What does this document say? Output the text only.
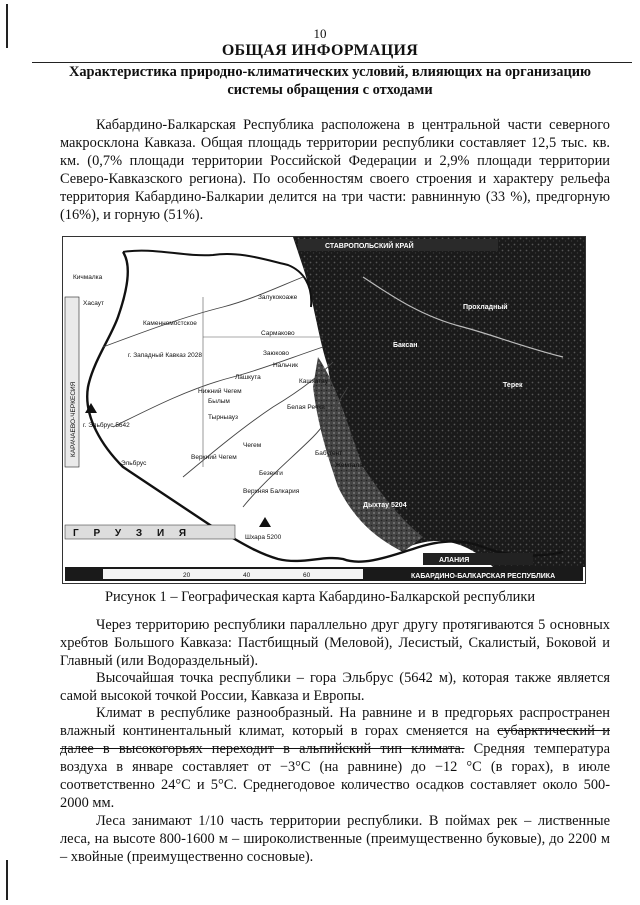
10
ОБЩАЯ ИНФОРМАЦИЯ
Характеристика природно-климатических условий, влияющих на организацию системы обращения с отходами
Кабардино-Балкарская Республика расположена в центральной части северного макросклона Кавказа. Общая площадь территории республики составляет 12,5 тыс. кв. км. (0,7% площади территории Российской Федерации и 2,9% площади территории Северо-Кавказского региона). По особенностям своего строения и характеру рельефа территория Кабардино-Балкарии делится на три части: равнинную (33 %), предгорную (16%), и горную (51%).
СТАВРОПОЛЬСКИЙ КРАЙ
КАРАЧАЕВО-ЧЕРКЕСИЯ
Кичмалка
Хасаут
Каменномостское
Залукокоаже
Сармаково
г. Западный Кавказ 2028	Заюково
Нальчик
Лашкута
Нижний Чегем
Былым
Тырныауз
Кашхатау
Белая Речка
г. Эльбрус 5642
Эльбрус
Верхний Чегем
Чегем
Бабугент
Жемтала
Безенги
Верхняя Балкария
Шхара 5200
Прохладный
Терек
Баксан
Дыхтау 5204
Г Р У З И Я
АЛАНИЯ
20	40	60	КАБАРДИНО-БАЛКАРСКАЯ РЕСПУБЛИКА
Рисунок 1 – Географическая карта Кабардино-Балкарской республики
Через территорию республики параллельно друг другу протягиваются 5 основных хребтов Большого Кавказа: Пастбищный (Меловой), Лесистый, Скалистый, Боковой и Главный (или Водораздельный).
Высочайшая точка республики – гора Эльбрус (5642 м), которая также является самой высокой точкой России, Кавказа и Европы.
Климат в республике разнообразный. На равнине и в предгорьях распространен влажный континентальный климат, который в горах сменяется на субарктический и далее в высокогорьях переходит в альпийский тип климата. Средняя температура воздуха в январе составляет от −3°С (на равнине) до −12 °С (в горах), в июле соответственно 24°С и 5°С. Среднегодовое количество осадков составляет около 500-2000 мм.
Леса занимают 1/10 часть территории республики. В поймах рек – лиственные леса, на высоте 800-1600 м – широколиственные (преимущественно буковые), до 2200 м – хвойные (преимущественно сосновые).
